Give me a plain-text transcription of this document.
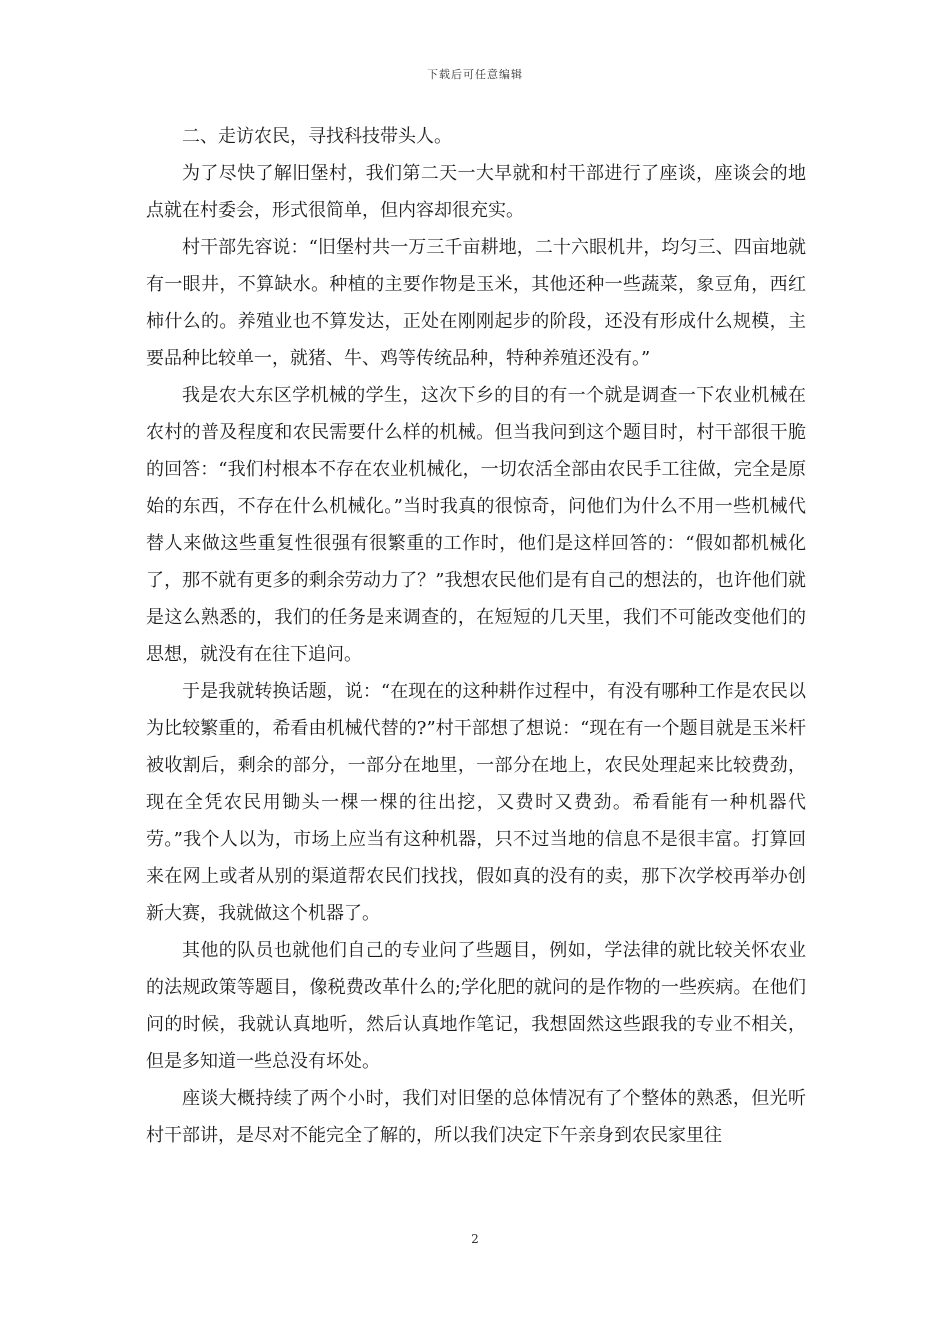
下载后可任意编辑

二、走访农民，寻找科技带头人。

为了尽快了解旧堡村，我们第二天一大早就和村干部进行了座谈，座谈会的地点就在村委会，形式很简单，但内容却很充实。

村干部先容说：“旧堡村共一万三千亩耕地，二十六眼机井，均匀三、四亩地就有一眼井，不算缺水。种植的主要作物是玉米，其他还种一些蔬菜，象豆角，西红柿什么的。养殖业也不算发达，正处在刚刚起步的阶段，还没有形成什么规模，主要品种比较单一，就猪、牛、鸡等传统品种，特种养殖还没有。”

我是农大东区学机械的学生，这次下乡的目的有一个就是调查一下农业机械在农村的普及程度和农民需要什么样的机械。但当我问到这个题目时，村干部很干脆的回答：“我们村根本不存在农业机械化，一切农活全部由农民手工往做，完全是原始的东西，不存在什么机械化。”当时我真的很惊奇，问他们为什么不用一些机械代替人来做这些重复性很强有很繁重的工作时，他们是这样回答的：“假如都机械化了，那不就有更多的剩余劳动力了？”我想农民他们是有自己的想法的，也许他们就是这么熟悉的，我们的任务是来调查的，在短短的几天里，我们不可能改变他们的思想，就没有在往下追问。

于是我就转换话题，说：“在现在的这种耕作过程中，有没有哪种工作是农民以为比较繁重的，希看由机械代替的?”村干部想了想说：“现在有一个题目就是玉米杆被收割后，剩余的部分，一部分在地里，一部分在地上，农民处理起来比较费劲，现在全凭农民用锄头一棵一棵的往出挖，又费时又费劲。希看能有一种机器代劳。”我个人以为，市场上应当有这种机器，只不过当地的信息不是很丰富。打算回来在网上或者从别的渠道帮农民们找找，假如真的没有的卖，那下次学校再举办创新大赛，我就做这个机器了。

其他的队员也就他们自己的专业问了些题目，例如，学法律的就比较关怀农业的法规政策等题目，像税费改革什么的;学化肥的就问的是作物的一些疾病。在他们问的时候，我就认真地听，然后认真地作笔记，我想固然这些跟我的专业不相关，但是多知道一些总没有坏处。

座谈大概持续了两个小时，我们对旧堡的总体情况有了个整体的熟悉，但光听村干部讲，是尽对不能完全了解的，所以我们决定下午亲身到农民家里往

2
